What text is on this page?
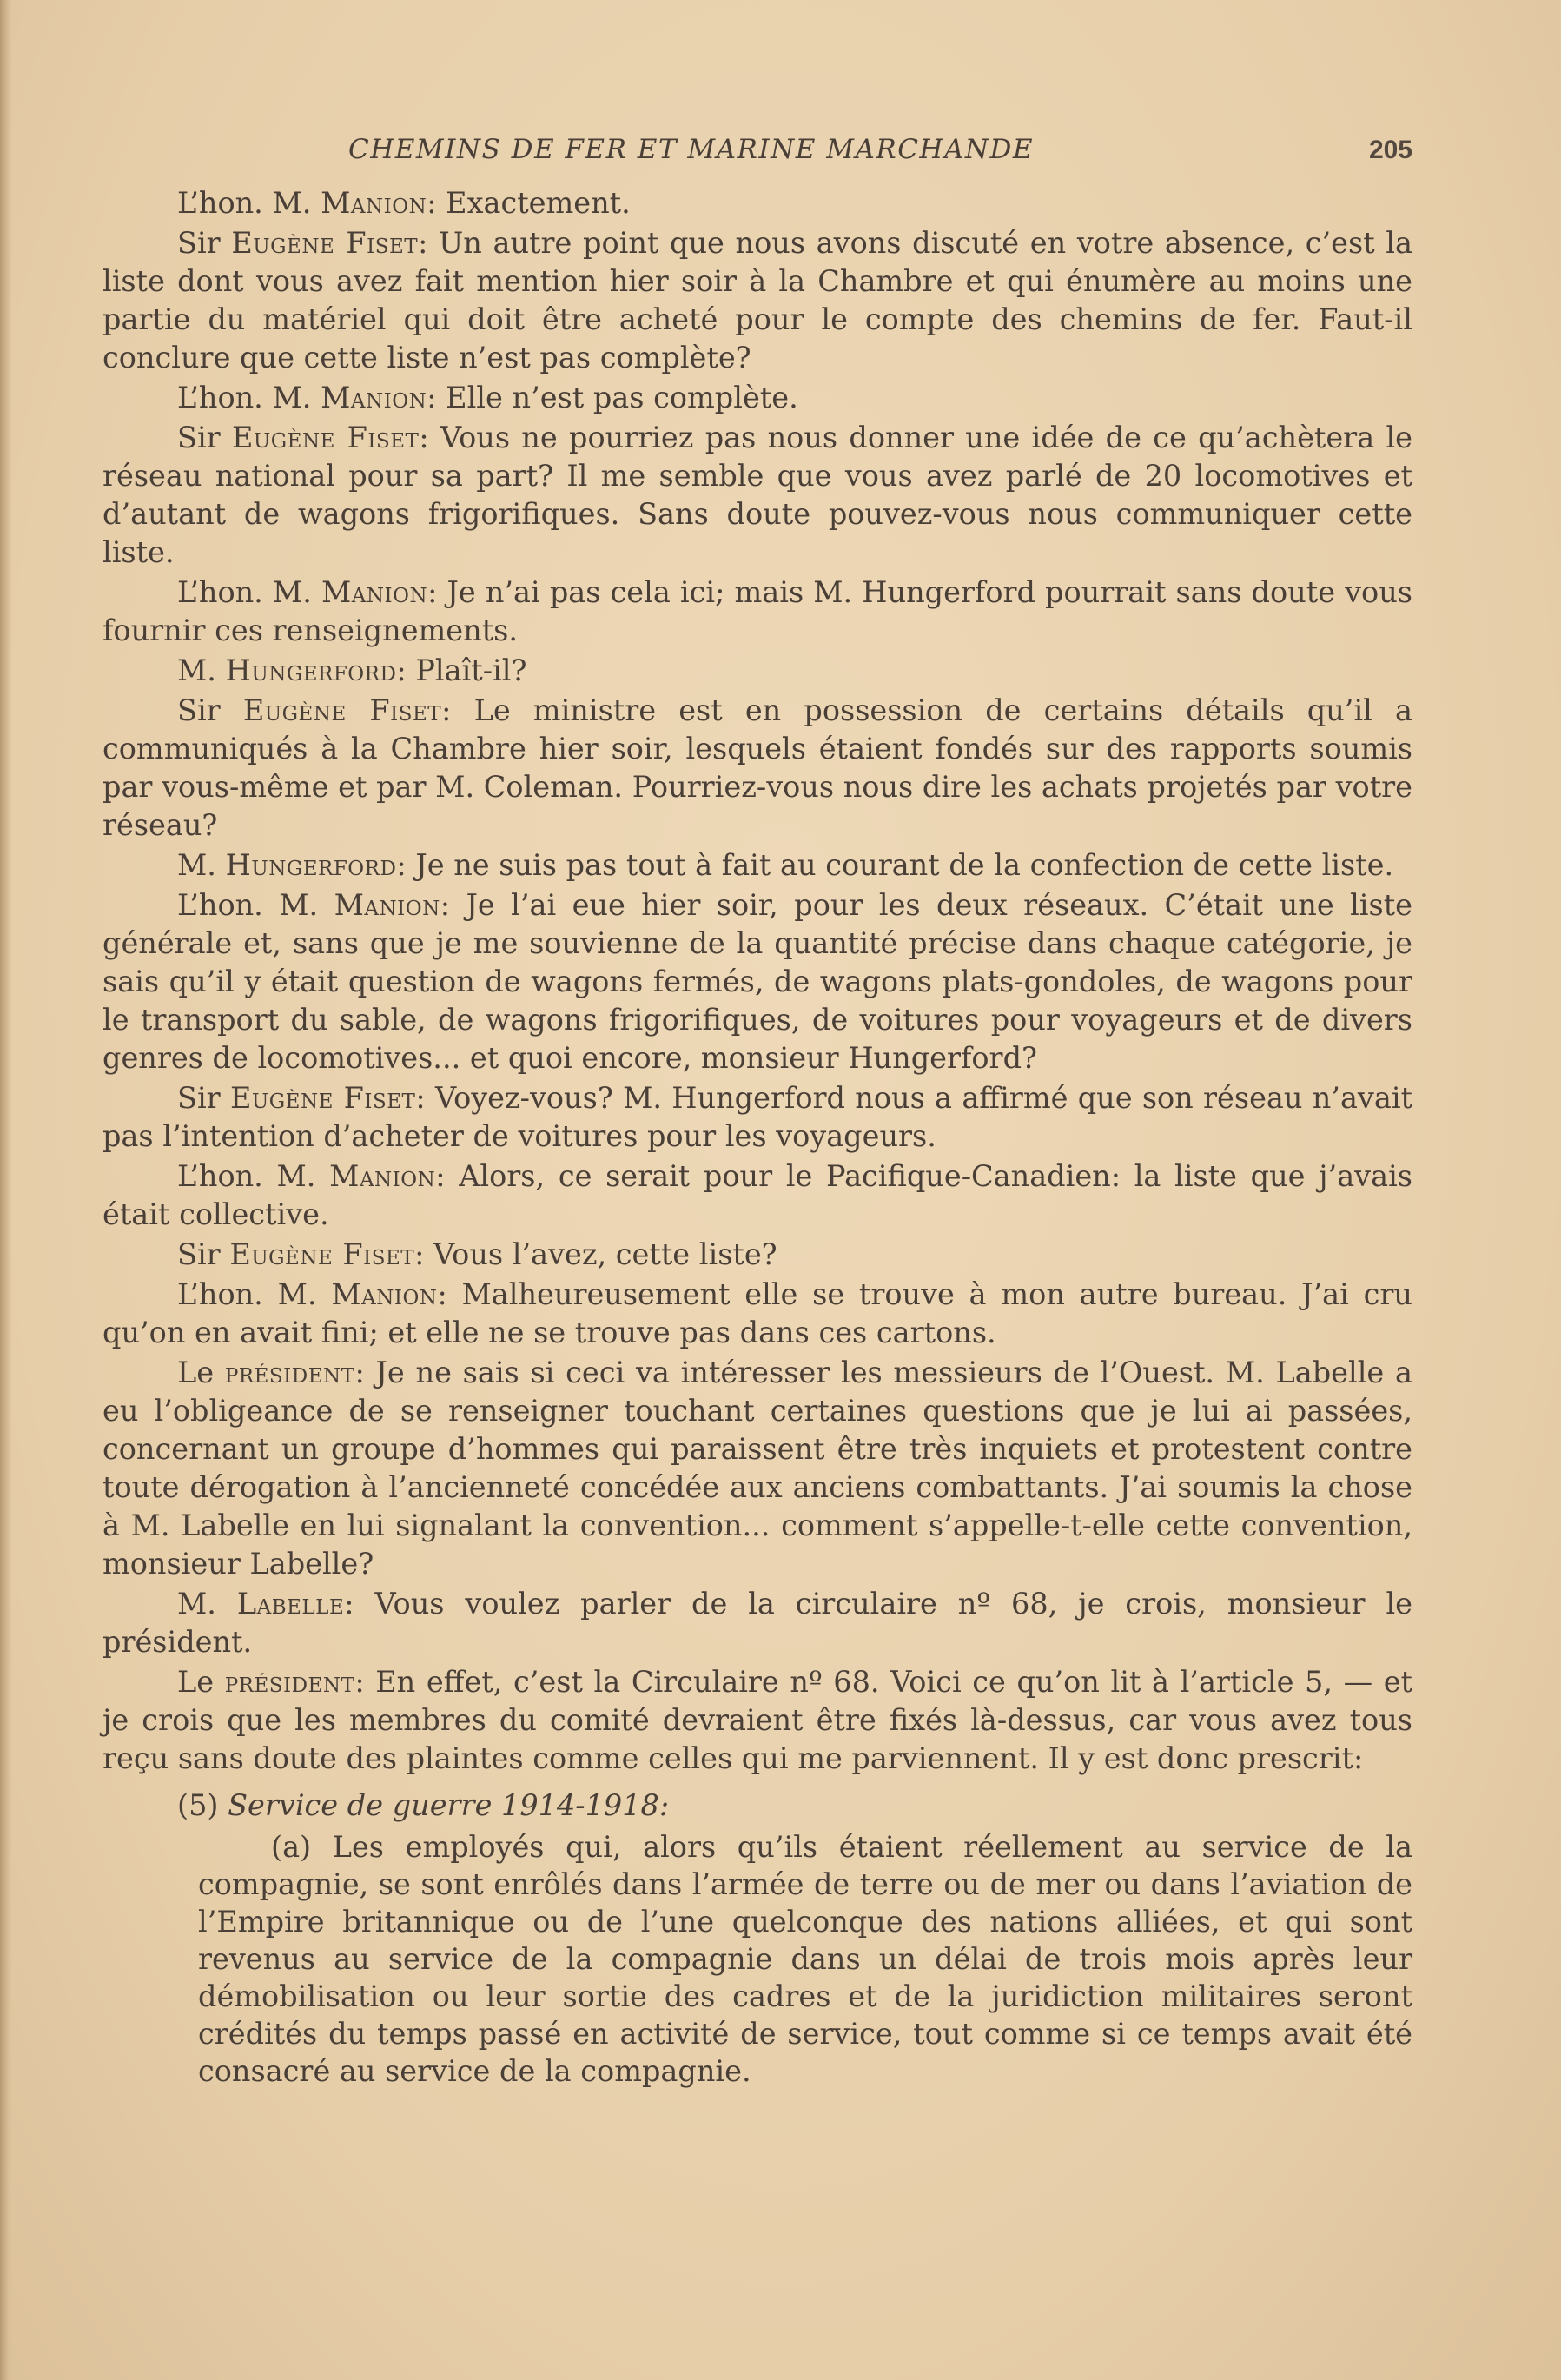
CHEMINS DE FER ET MARINE MARCHANDE	205

L’hon. M. Manion: Exactement.

Sir Eugène Fiset: Un autre point que nous avons discuté en votre absence, c’est la liste dont vous avez fait mention hier soir à la Chambre et qui énumère au moins une partie du matériel qui doit être acheté pour le compte des chemins de fer. Faut-il conclure que cette liste n’est pas complète?

L’hon. M. Manion: Elle n’est pas complète.

Sir Eugène Fiset: Vous ne pourriez pas nous donner une idée de ce qu’achètera le réseau national pour sa part? Il me semble que vous avez parlé de 20 locomotives et d’autant de wagons frigorifiques. Sans doute pouvez-vous nous communiquer cette liste.

L’hon. M. Manion: Je n’ai pas cela ici; mais M. Hungerford pourrait sans doute vous fournir ces renseignements.

M. Hungerford: Plaît-il?

Sir Eugène Fiset: Le ministre est en possession de certains détails qu’il a communiqués à la Chambre hier soir, lesquels étaient fondés sur des rapports soumis par vous-même et par M. Coleman. Pourriez-vous nous dire les achats projetés par votre réseau?

M. Hungerford: Je ne suis pas tout à fait au courant de la confection de cette liste.

L’hon. M. Manion: Je l’ai eue hier soir, pour les deux réseaux. C’était une liste générale et, sans que je me souvienne de la quantité précise dans chaque catégorie, je sais qu’il y était question de wagons fermés, de wagons plats-gondoles, de wagons pour le transport du sable, de wagons frigorifiques, de voitures pour voyageurs et de divers genres de locomotives... et quoi encore, monsieur Hungerford?

Sir Eugène Fiset: Voyez-vous? M. Hungerford nous a affirmé que son réseau n’avait pas l’intention d’acheter de voitures pour les voyageurs.

L’hon. M. Manion: Alors, ce serait pour le Pacifique-Canadien: la liste que j’avais était collective.

Sir Eugène Fiset: Vous l’avez, cette liste?

L’hon. M. Manion: Malheureusement elle se trouve à mon autre bureau. J’ai cru qu’on en avait fini; et elle ne se trouve pas dans ces cartons.

Le président: Je ne sais si ceci va intéresser les messieurs de l’Ouest. M. Labelle a eu l’obligeance de se renseigner touchant certaines questions que je lui ai passées, concernant un groupe d’hommes qui paraissent être très inquiets et protestent contre toute dérogation à l’ancienneté concédée aux anciens combattants. J’ai soumis la chose à M. Labelle en lui signalant la convention... comment s’appelle-t-elle cette convention, monsieur Labelle?

M. Labelle: Vous voulez parler de la circulaire nº 68, je crois, monsieur le président.

Le président: En effet, c’est la Circulaire nº 68. Voici ce qu’on lit à l’article 5, — et je crois que les membres du comité devraient être fixés là-dessus, car vous avez tous reçu sans doute des plaintes comme celles qui me parviennent. Il y est donc prescrit:

(5) Service de guerre 1914-1918:

(a) Les employés qui, alors qu’ils étaient réellement au service de la compagnie, se sont enrôlés dans l’armée de terre ou de mer ou dans l’aviation de l’Empire britannique ou de l’une quelconque des nations alliées, et qui sont revenus au service de la compagnie dans un délai de trois mois après leur démobilisation ou leur sortie des cadres et de la juridiction militaires seront crédités du temps passé en activité de service, tout comme si ce temps avait été consacré au service de la compagnie.
